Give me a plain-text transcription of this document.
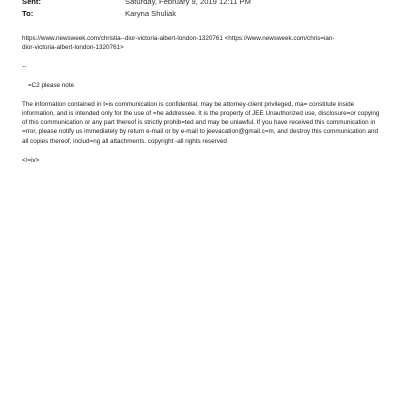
Sent:	Saturday, February 9, 2019 12:11 PM
To:	Karyna Shuliak
https://www.newsweek.com/christia--dior-victoria-albert-london-1320761 <https://www.newsweek.com/chris=ian-
dior-victoria-albert-london-1320761>
--
=C2 please note
The information contained in t=is communication is confidential, may be attorney-client privileged, ma= constitute inside information, and is intended only for the use of =he addressee. It is the property of JEE Unauthorized use, disclosure=or copying of this communication or any part thereof is strictly prohib=ted and may be unlawful. If you have received this communication in =rror, please notify us immediately by return e-mail or by e-mail to jeevacation@gmail.c=m, and destroy this communication and all copies thereof, includ=ng all attachments. copyright -all rights reserved
</=iv>
